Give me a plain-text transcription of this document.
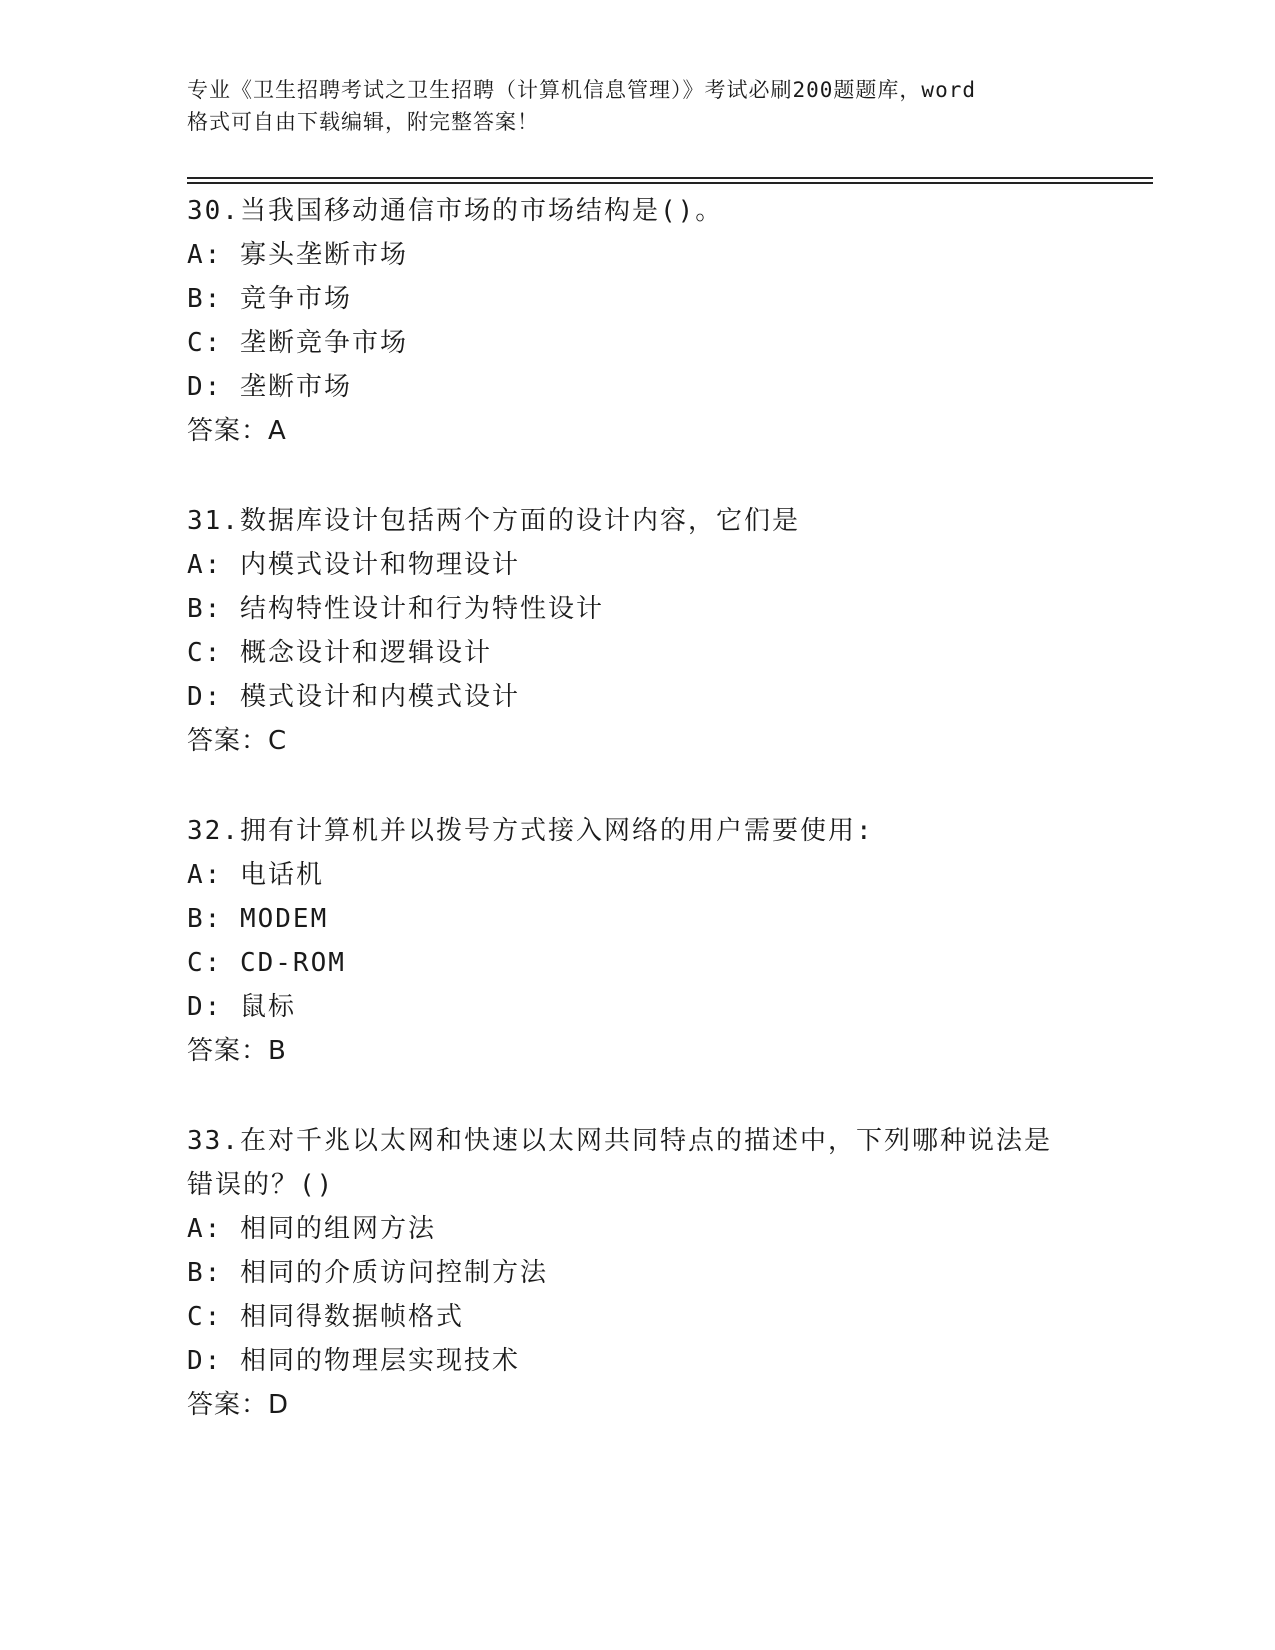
专业《卫生招聘考试之卫生招聘（计算机信息管理）》考试必刷200题题库，word
格式可自由下载编辑，附完整答案！
30.当我国移动通信市场的市场结构是()。
A: 寡头垄断市场
B: 竞争市场
C: 垄断竞争市场
D: 垄断市场
答案：A
31.数据库设计包括两个方面的设计内容，它们是
A: 内模式设计和物理设计
B: 结构特性设计和行为特性设计
C: 概念设计和逻辑设计
D: 模式设计和内模式设计
答案：C
32.拥有计算机并以拨号方式接入网络的用户需要使用:
A: 电话机
B: MODEM
C: CD-ROM
D: 鼠标
答案：B
33.在对千兆以太网和快速以太网共同特点的描述中，下列哪种说法是
错误的？()
A: 相同的组网方法
B: 相同的介质访问控制方法
C: 相同得数据帧格式
D: 相同的物理层实现技术
答案：D
